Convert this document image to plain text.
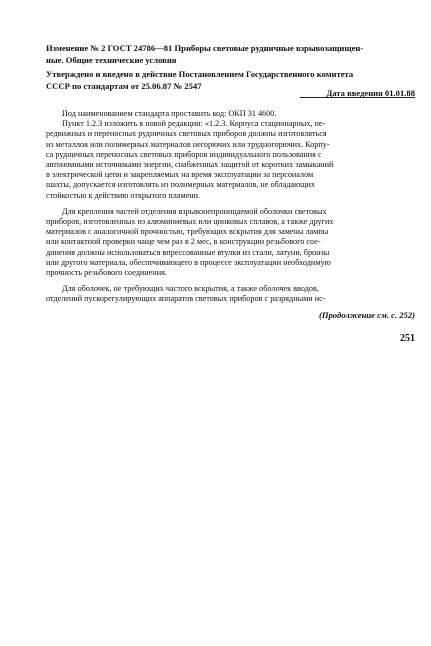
Изменение № 2 ГОСТ 24786—81 Приборы световые рудничные взрывозащищен-
ные. Общие технические условия
Утверждено и введено в действие Постановлением Государственного комитета
СССР по стандартам от 25.06.87 № 2547
Дата введения 01.01.88
Под наименованием стандарта проставить код: ОКП 31 4600.
Пункт 1.2.3 изложить в новой редакции: «1.2.3. Корпуса стационарных, пе-
редвижных и переносных рудничных световых приборов должны изготовляться
из металлов или полимерных материалов негорючих или трудногорючих. Корпу-
са рудничных переносных световых приборов индивидуального пользования с
автономными источниками энергии, снабженных защитой от коротких замыканий
в электрической цепи и закрепляемых на время эксплуатации за персоналом
шахты, допускается изготовлять из полимерных материалов, не обладающих
стойкостью к действию открытого пламени.
Для крепления частей отделения взрывонепроницаемой оболочки световых
приборов, изготовленных из алюминиевых или цинковых сплавов, а также других
материалов с аналогичной прочностью, требующих вскрытия для замены лампы
или контактной проверки чаще чем раз в 2 мес, в конструкции резьбового сое-
динения должны использоваться впрессованные втулки из стали, латуни, бронзы
или другого материала, обеспечивающего в процессе эксплуатации необходимую
прочность резьбового соединения.
Для оболочек, не требующих частого вскрытия, а также оболочек вводов,
отделений пускорегулирующих аппаратов световых приборов с разрядными ис-
(Продолжение см. с. 252)
251
